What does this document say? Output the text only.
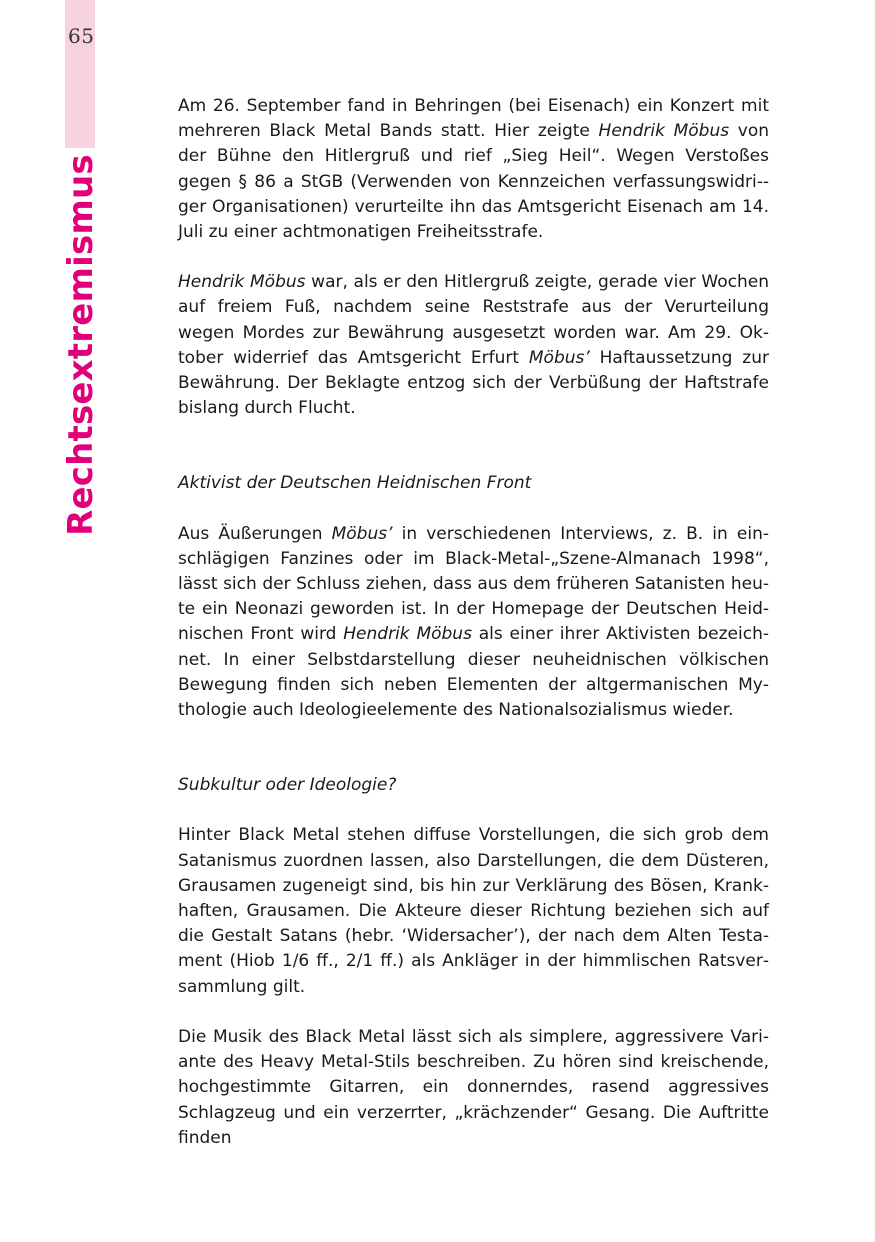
65
Rechtsextremismus

Am 26. September fand in Behringen (bei Eisenach) ein Konzert mit mehreren Black Metal Bands statt. Hier zeigte Hendrik Möbus von der Bühne den Hitlergruß und rief „Sieg Heil“. Wegen Verstoßes gegen § 86 a StGB (Verwenden von Kennzeichen verfassungswidri-ger Organisationen) verurteilte ihn das Amtsgericht Eisenach am 14. Juli zu einer achtmonatigen Freiheitsstrafe.

Hendrik Möbus war, als er den Hitlergruß zeigte, gerade vier Wochen auf freiem Fuß, nachdem seine Reststrafe aus der Verurteilung wegen Mordes zur Bewährung ausgesetzt worden war. Am 29. Oktober widerrief das Amtsgericht Erfurt Möbus’ Haftaussetzung zur Bewährung. Der Beklagte entzog sich der Verbüßung der Haftstrafe bislang durch Flucht.

Aktivist der Deutschen Heidnischen Front

Aus Äußerungen Möbus’ in verschiedenen Interviews, z. B. in einschlägigen Fanzines oder im Black-Metal-„Szene-Almanach 1998“, lässt sich der Schluss ziehen, dass aus dem früheren Satanisten heute ein Neonazi geworden ist. In der Homepage der Deutschen Heidnischen Front wird Hendrik Möbus als einer ihrer Aktivisten bezeichnet. In einer Selbstdarstellung dieser neuheidnischen völkischen Bewegung finden sich neben Elementen der altgermanischen Mythologie auch Ideologieelemente des Nationalsozialismus wieder.

Subkultur oder Ideologie?

Hinter Black Metal stehen diffuse Vorstellungen, die sich grob dem Satanismus zuordnen lassen, also Darstellungen, die dem Düsteren, Grausamen zugeneigt sind, bis hin zur Verklärung des Bösen, Krankhaften, Grausamen. Die Akteure dieser Richtung beziehen sich auf die Gestalt Satans (hebr. ‘Widersacher’), der nach dem Alten Testament (Hiob 1/6 ff., 2/1 ff.) als Ankläger in der himmlischen Ratsversammlung gilt.

Die Musik des Black Metal lässt sich als simplere, aggressivere Variante des Heavy Metal-Stils beschreiben. Zu hören sind kreischende, hochgestimmte Gitarren, ein donnerndes, rasend aggressives Schlagzeug und ein verzerrter, „krächzender“ Gesang. Die Auftritte finden
